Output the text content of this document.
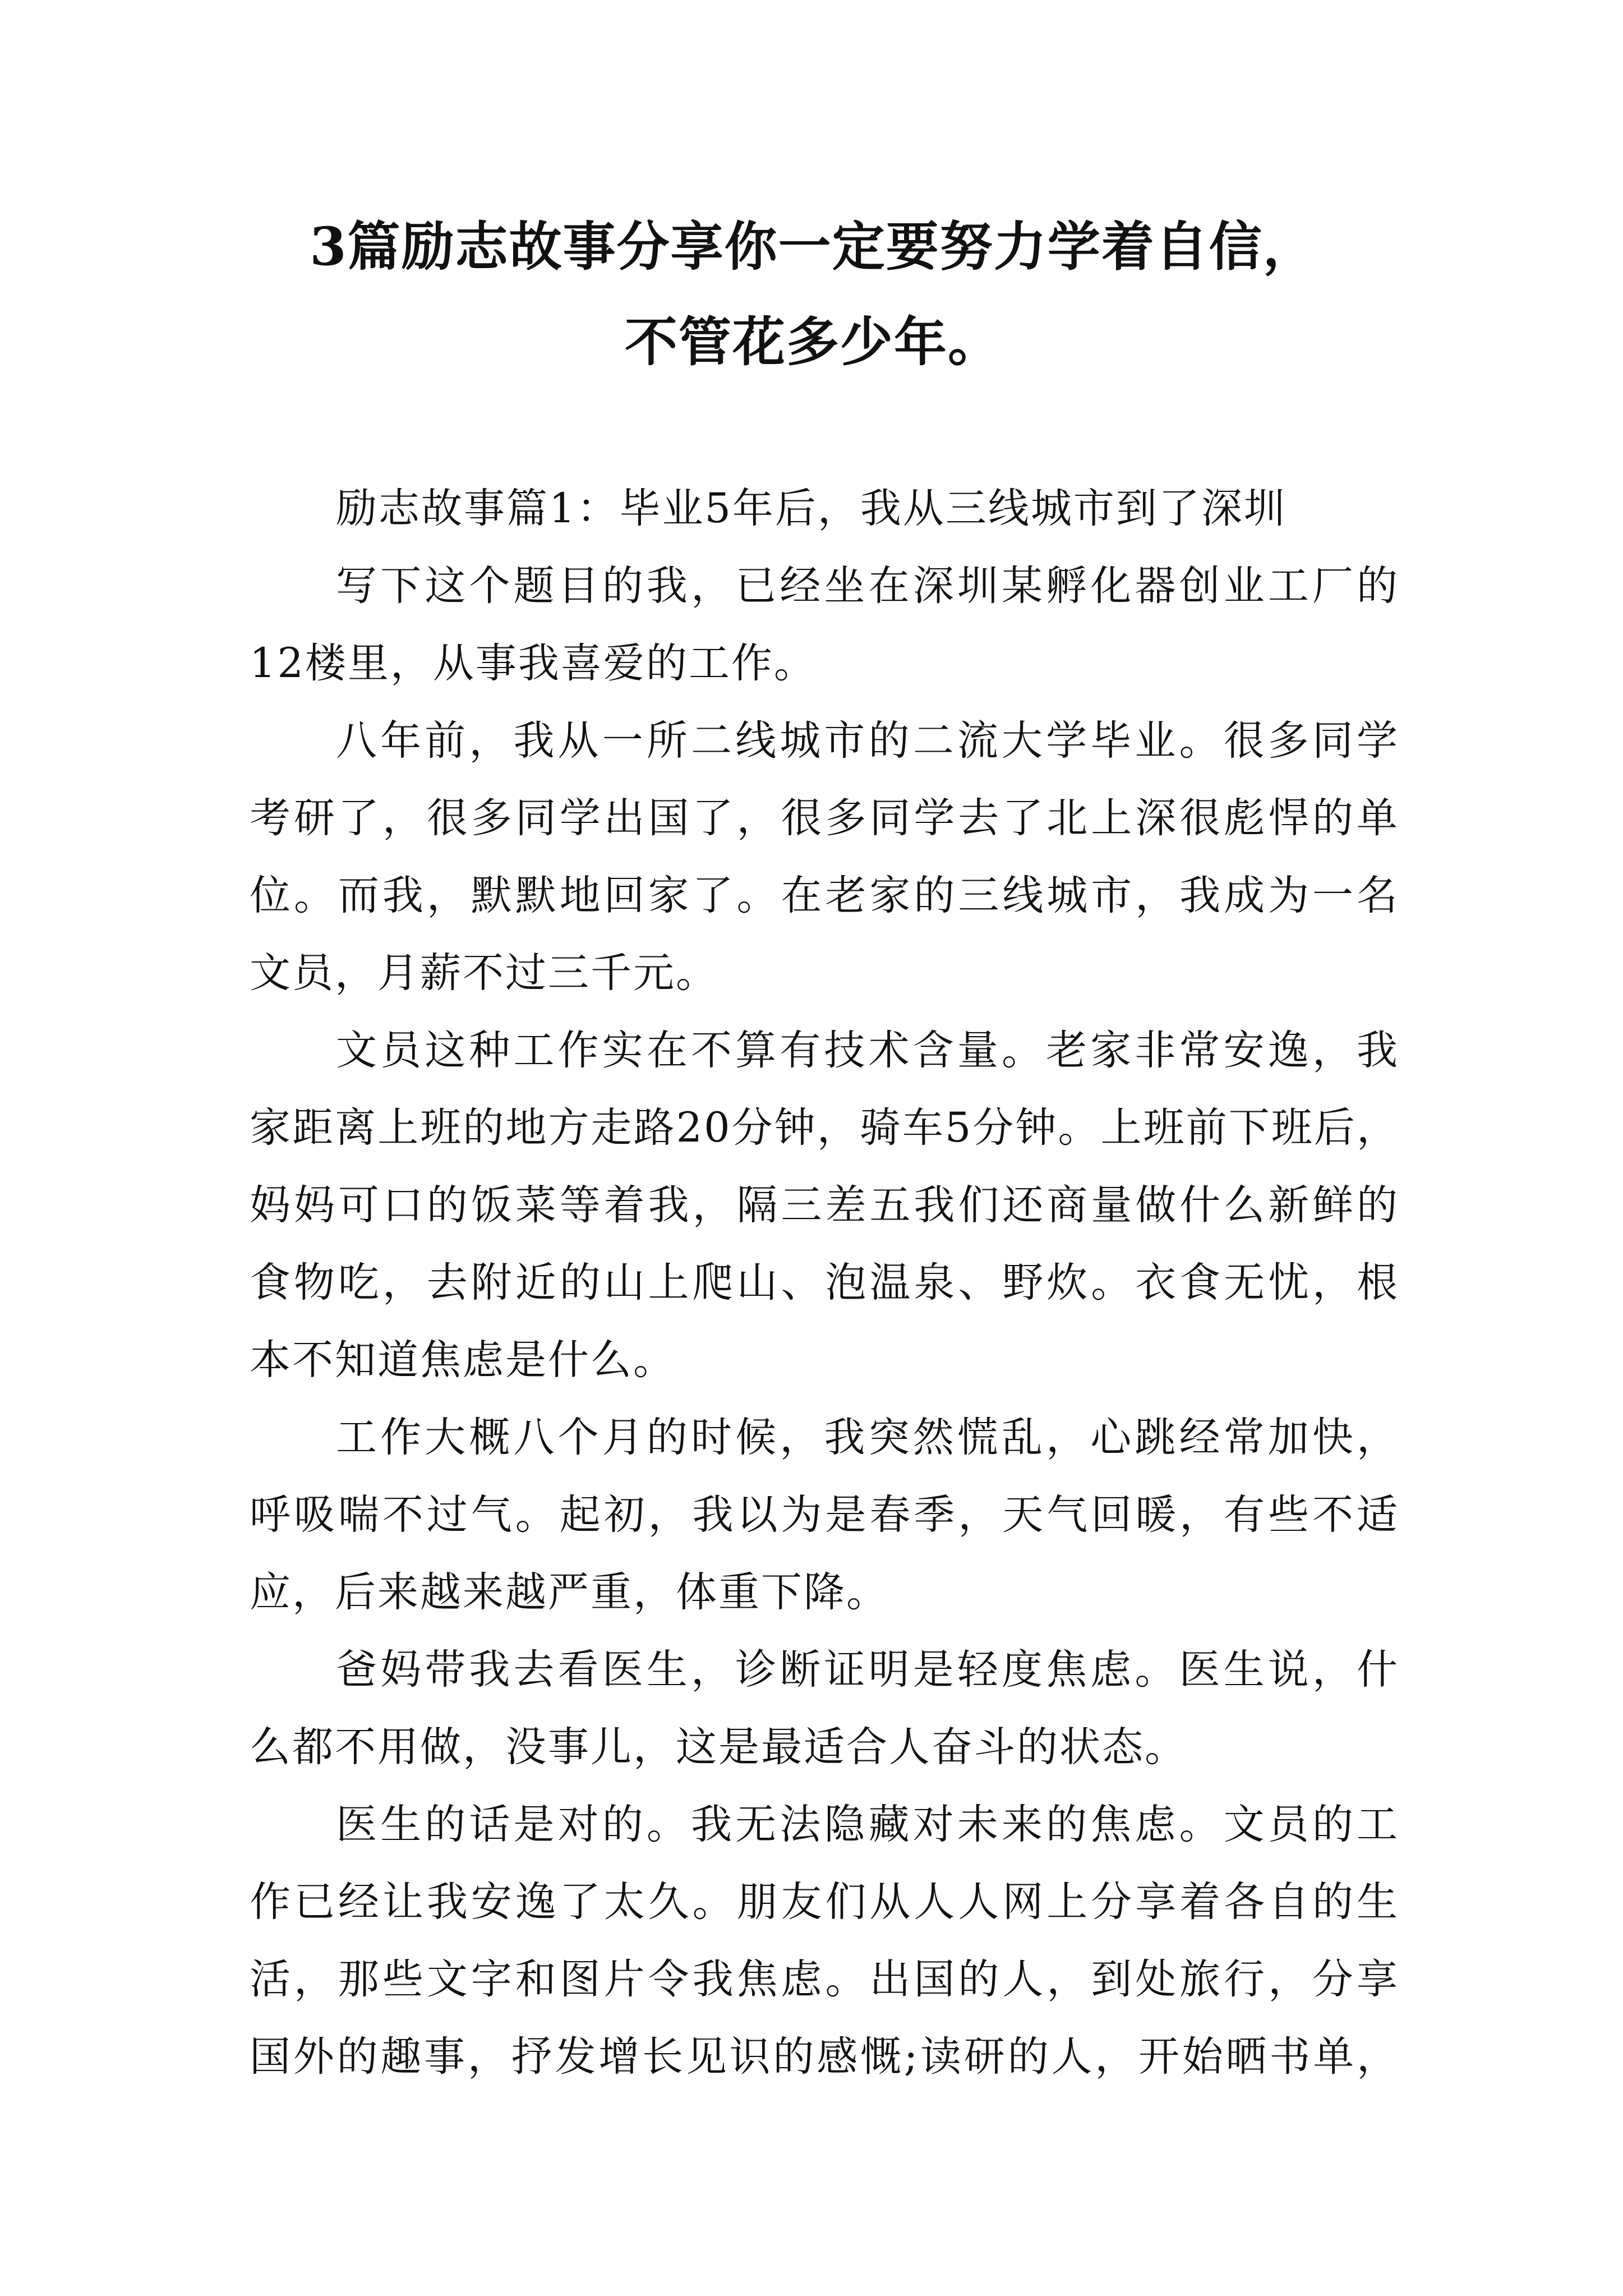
3篇励志故事分享你一定要努力学着自信，
不管花多少年。

励志故事篇1：毕业5年后，我从三线城市到了深圳

写下这个题目的我，已经坐在深圳某孵化器创业工厂的12楼里，从事我喜爱的工作。

八年前，我从一所二线城市的二流大学毕业。很多同学考研了，很多同学出国了，很多同学去了北上深很彪悍的单位。而我，默默地回家了。在老家的三线城市，我成为一名文员，月薪不过三千元。

文员这种工作实在不算有技术含量。老家非常安逸，我家距离上班的地方走路20分钟，骑车5分钟。上班前下班后，妈妈可口的饭菜等着我，隔三差五我们还商量做什么新鲜的食物吃，去附近的山上爬山、泡温泉、野炊。衣食无忧，根本不知道焦虑是什么。

工作大概八个月的时候，我突然慌乱，心跳经常加快，呼吸喘不过气。起初，我以为是春季，天气回暖，有些不适应，后来越来越严重，体重下降。

爸妈带我去看医生，诊断证明是轻度焦虑。医生说，什么都不用做，没事儿，这是最适合人奋斗的状态。

医生的话是对的。我无法隐藏对未来的焦虑。文员的工作已经让我安逸了太久。朋友们从人人网上分享着各自的生活，那些文字和图片令我焦虑。出国的人，到处旅行，分享国外的趣事，抒发增长见识的感慨;读研的人，开始晒书单，
